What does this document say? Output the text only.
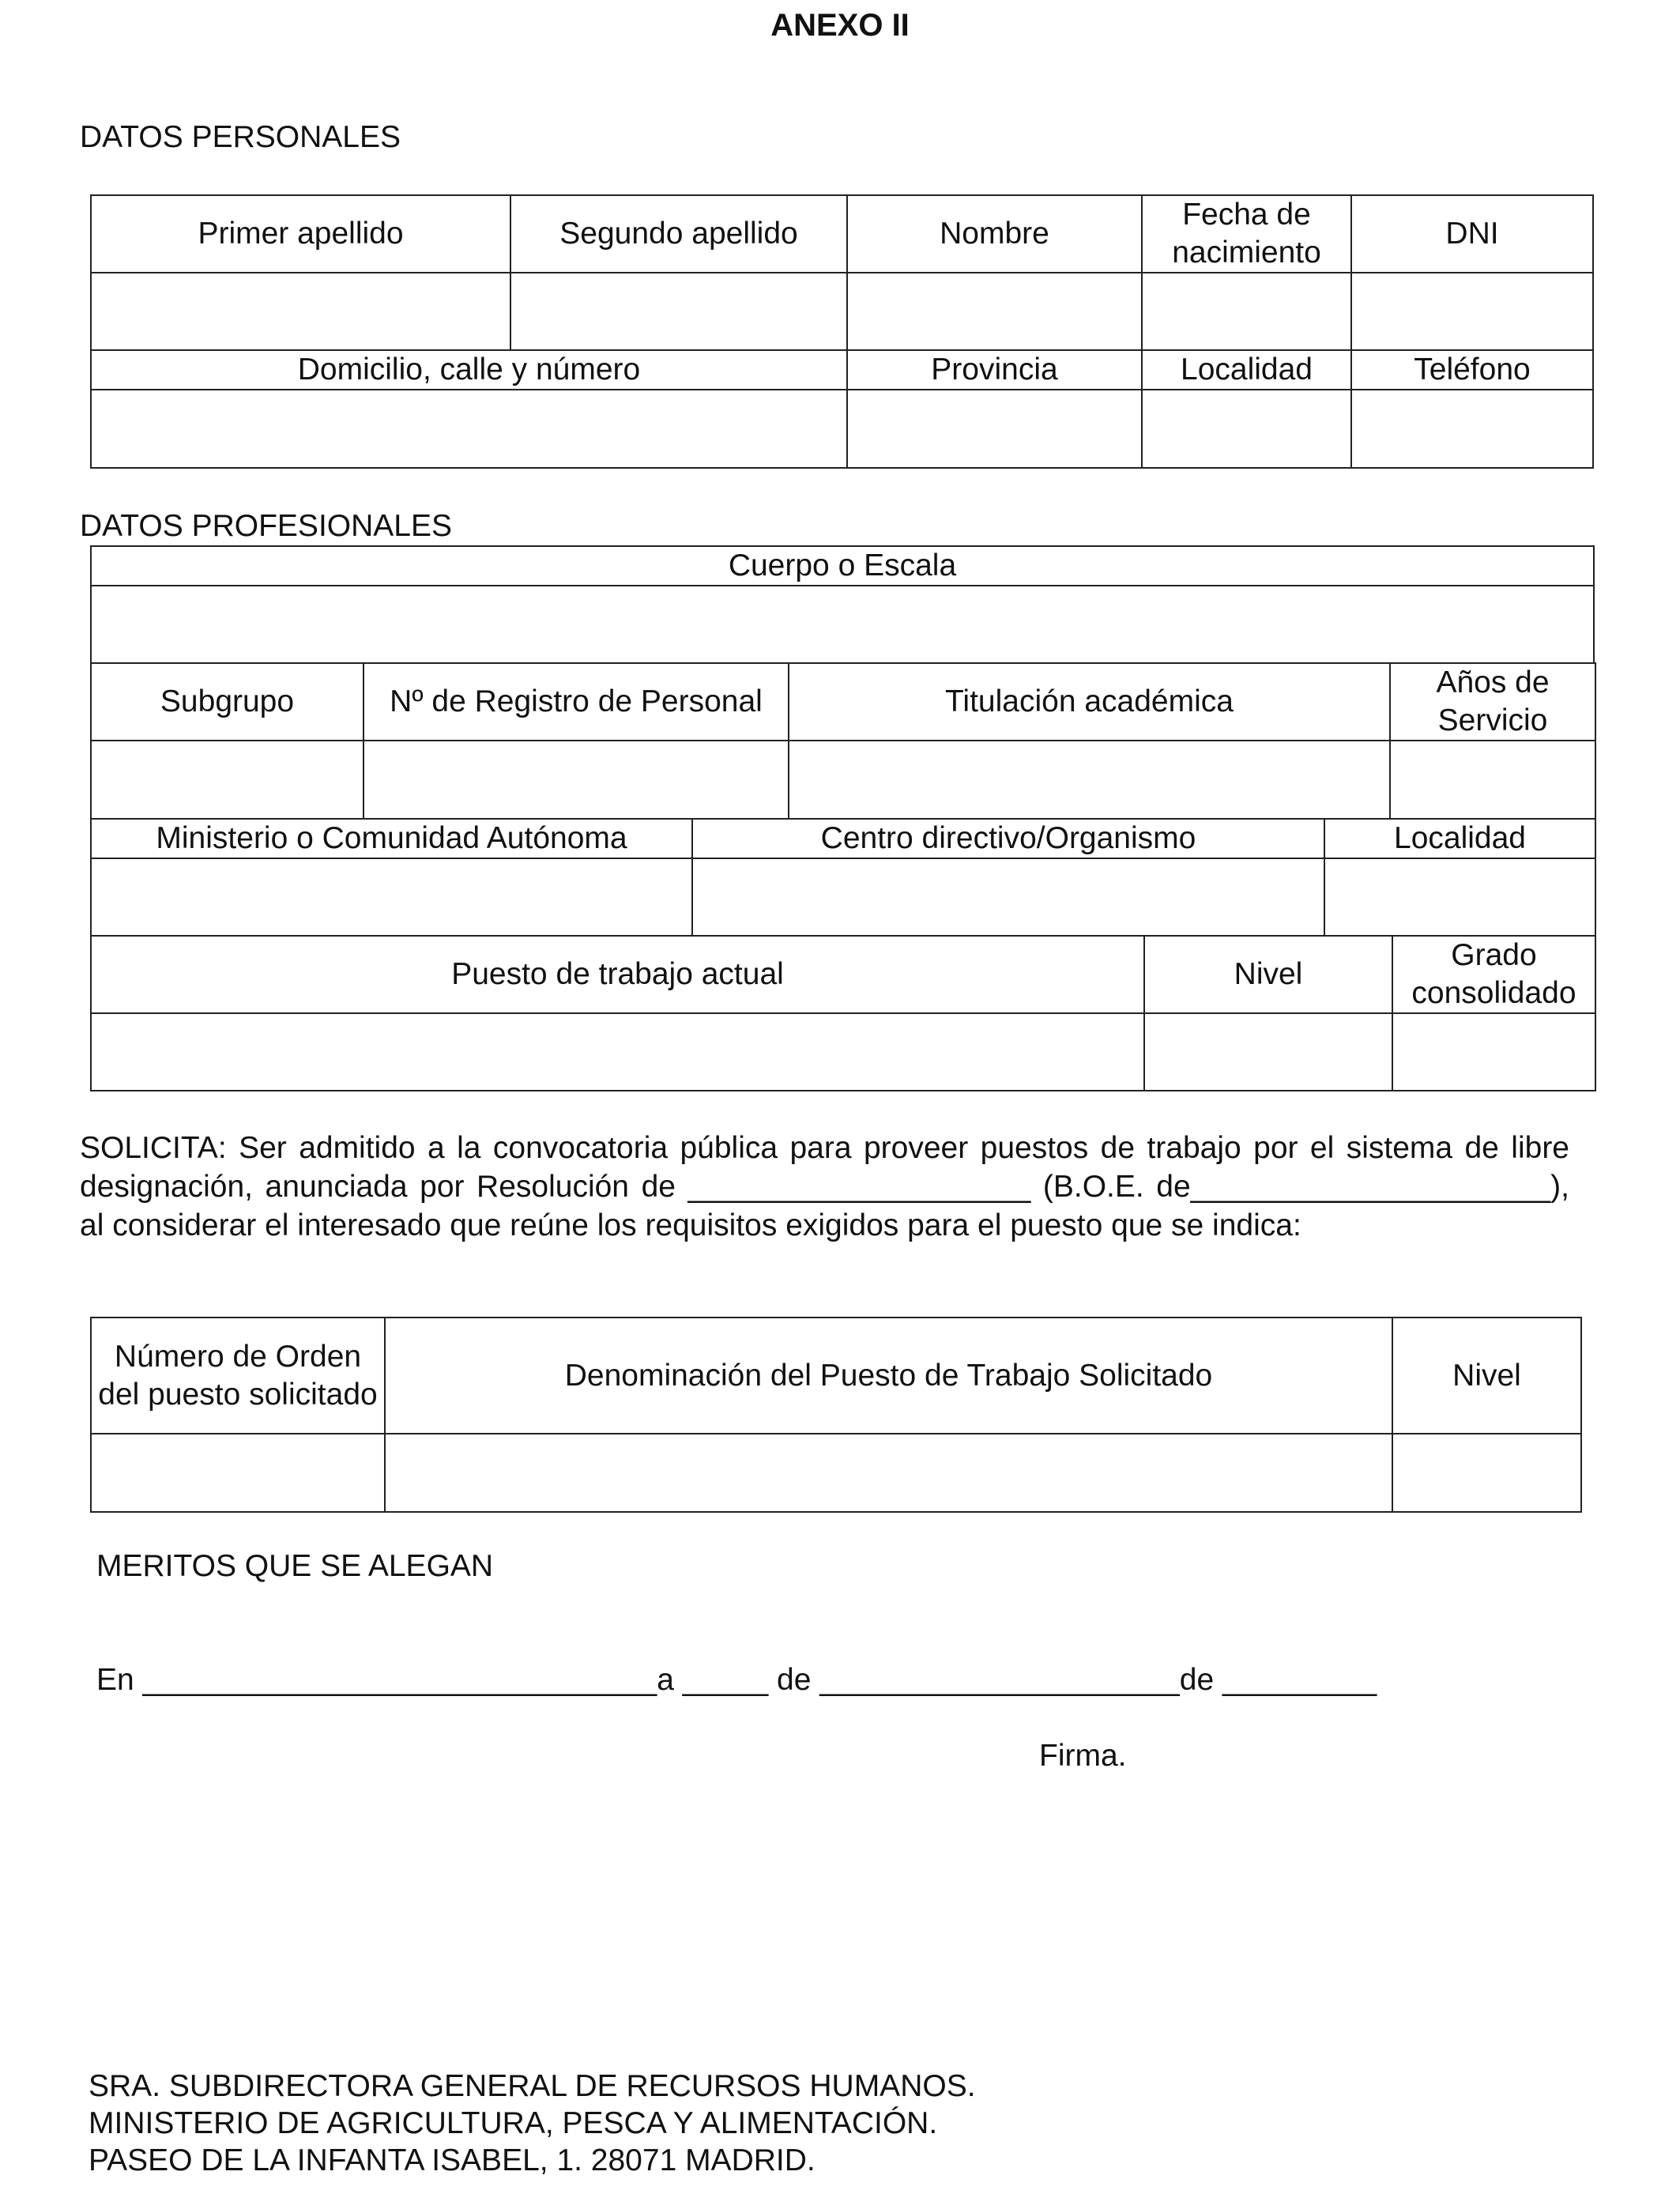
ANEXO II
DATOS PERSONALES
Primer apellido	Segundo apellido	Nombre	Fecha de nacimiento	DNI

Domicilio, calle y número		Provincia	Localidad	Teléfono

DATOS PROFESIONALES
Cuerpo o Escala

Subgrupo	Nº de Registro de Personal	Titulación académica	Años de Servicio

Ministerio o Comunidad Autónoma	Centro directivo/Organismo	Localidad

Puesto de trabajo actual	Nivel	Grado consolidado

SOLICITA: Ser admitido a la convocatoria pública para proveer puestos de trabajo por el sistema de libre designación, anunciada por Resolución de ____________________ (B.O.E. de_____________________), al considerar el interesado que reúne los requisitos exigidos para el puesto que se indica:
Número de Orden del puesto solicitado	Denominación del Puesto de Trabajo Solicitado	Nivel

MERITOS QUE SE ALEGAN
En ______________________________a _____ de _____________________de _________
Firma.
SRA. SUBDIRECTORA GENERAL DE RECURSOS HUMANOS.
MINISTERIO DE AGRICULTURA, PESCA Y ALIMENTACIÓN.
PASEO DE LA INFANTA ISABEL, 1. 28071 MADRID.
